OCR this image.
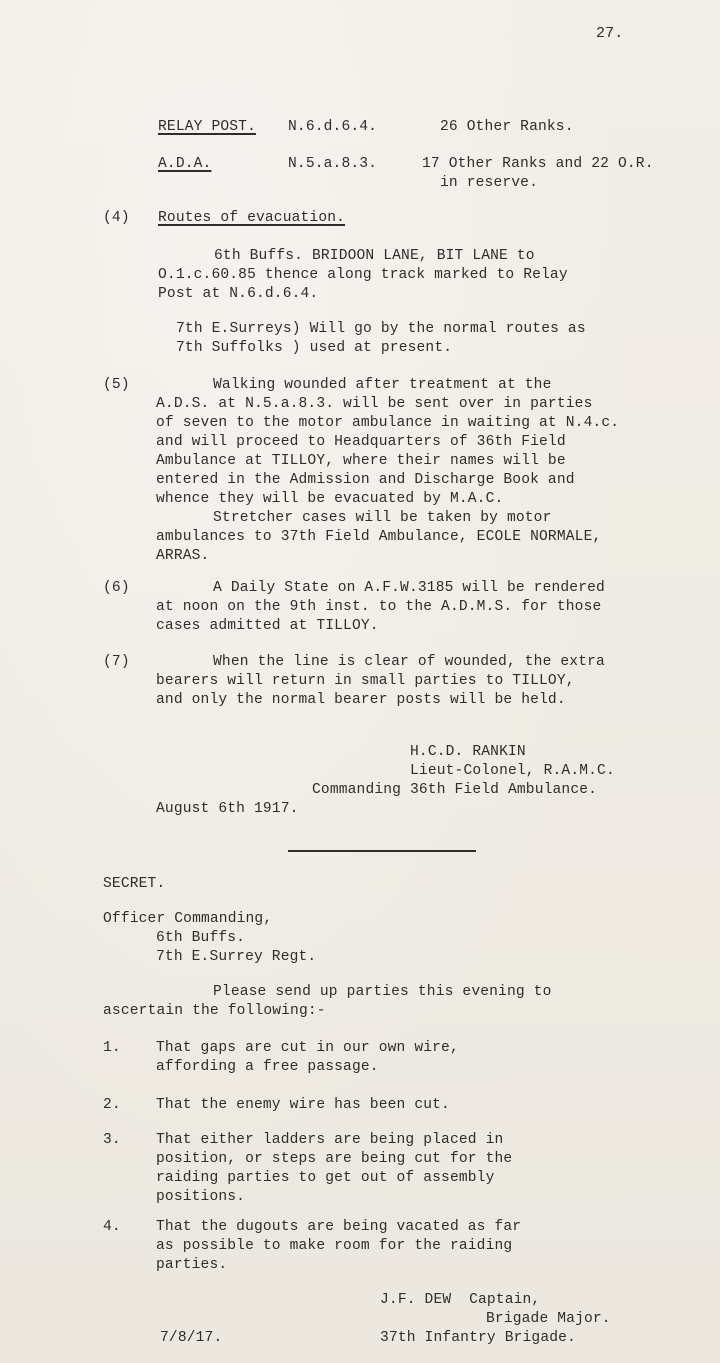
27.
RELAY POST. N.6.d.6.4.	26 Other Ranks.
A.D.A.	N.5.a.8.3.	17 Other Ranks and 22 O.R.
in reserve.
(4) Routes of evacuation.
6th Buffs. BRIDOON LANE, BIT LANE to
O.1.c.60.85 thence along track marked to Relay
Post at N.6.d.6.4.
7th E.Surreys) Will go by the normal routes as
7th Suffolks ) used at present.
(5)	Walking wounded after treatment at the
A.D.S. at N.5.a.8.3. will be sent over in parties
of seven to the motor ambulance in waiting at N.4.c.
and will proceed to Headquarters of 36th Field
Ambulance at TILLOY, where their names will be
entered in the Admission and Discharge Book and
whence they will be evacuated by M.A.C.
Stretcher cases will be taken by motor
ambulances to 37th Field Ambulance, ECOLE NORMALE,
ARRAS.
(6)	A Daily State on A.F.W.3185 will be rendered
at noon on the 9th inst. to the A.D.M.S. for those
cases admitted at TILLOY.
(7)	When the line is clear of wounded, the extra
bearers will return in small parties to TILLOY,
and only the normal bearer posts will be held.
H.C.D. RANKIN
Lieut-Colonel, R.A.M.C.
Commanding 36th Field Ambulance.
August 6th 1917.
SECRET.
Officer Commanding,
6th Buffs.
7th E.Surrey Regt.
Please send up parties this evening to
ascertain the following:-
1. That gaps are cut in our own wire,
affording a free passage.
2. That the enemy wire has been cut.
3. That either ladders are being placed in
position, or steps are being cut for the
raiding parties to get out of assembly
positions.
4. That the dugouts are being vacated as far
as possible to make room for the raiding
parties.
J.F. DEW  Captain,
Brigade Major.
7/8/17.	37th Infantry Brigade.
